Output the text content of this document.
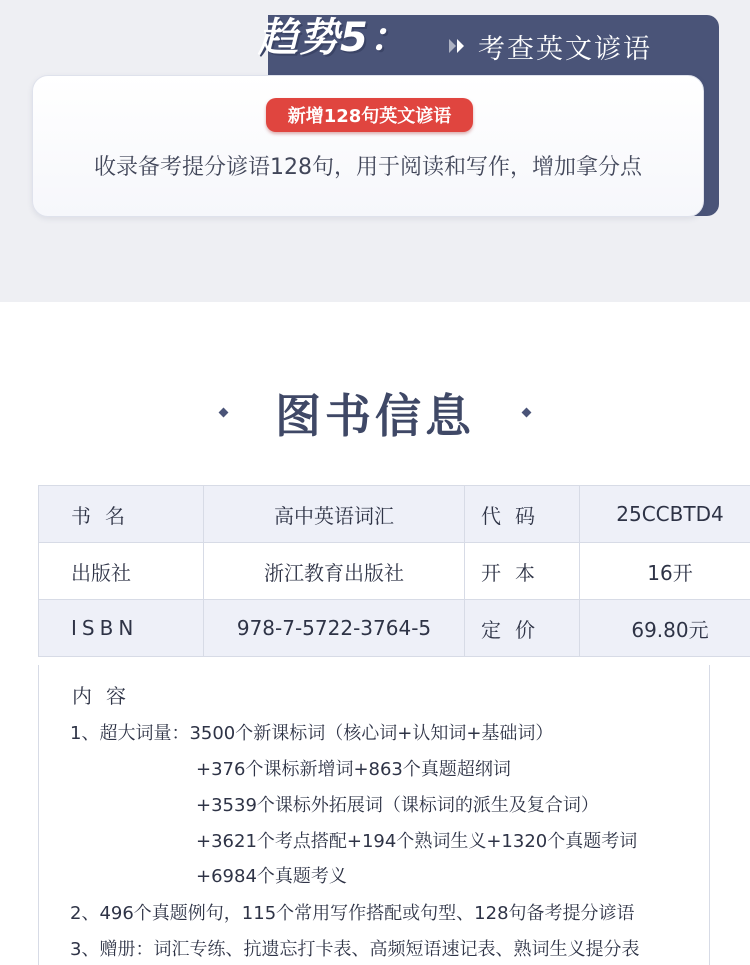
趋势5：	考查英文谚语
新增128句英文谚语
收录备考提分谚语128句，用于阅读和写作，增加拿分点
图书信息
书名	高中英语词汇	代码	25CCBTD4
出版社	浙江教育出版社	开本	16开
ISBN	978-7-5722-3764-5	定价	69.80元
内容
1、超大词量：3500个新课标词（核心词+认知词+基础词）
+376个课标新增词+863个真题超纲词
+3539个课标外拓展词（课标词的派生及复合词）
+3621个考点搭配+194个熟词生义+1320个真题考词
+6984个真题考义
2、496个真题例句，115个常用写作搭配或句型、128句备考提分谚语
3、赠册：词汇专练、抗遗忘打卡表、高频短语速记表、熟词生义提分表
